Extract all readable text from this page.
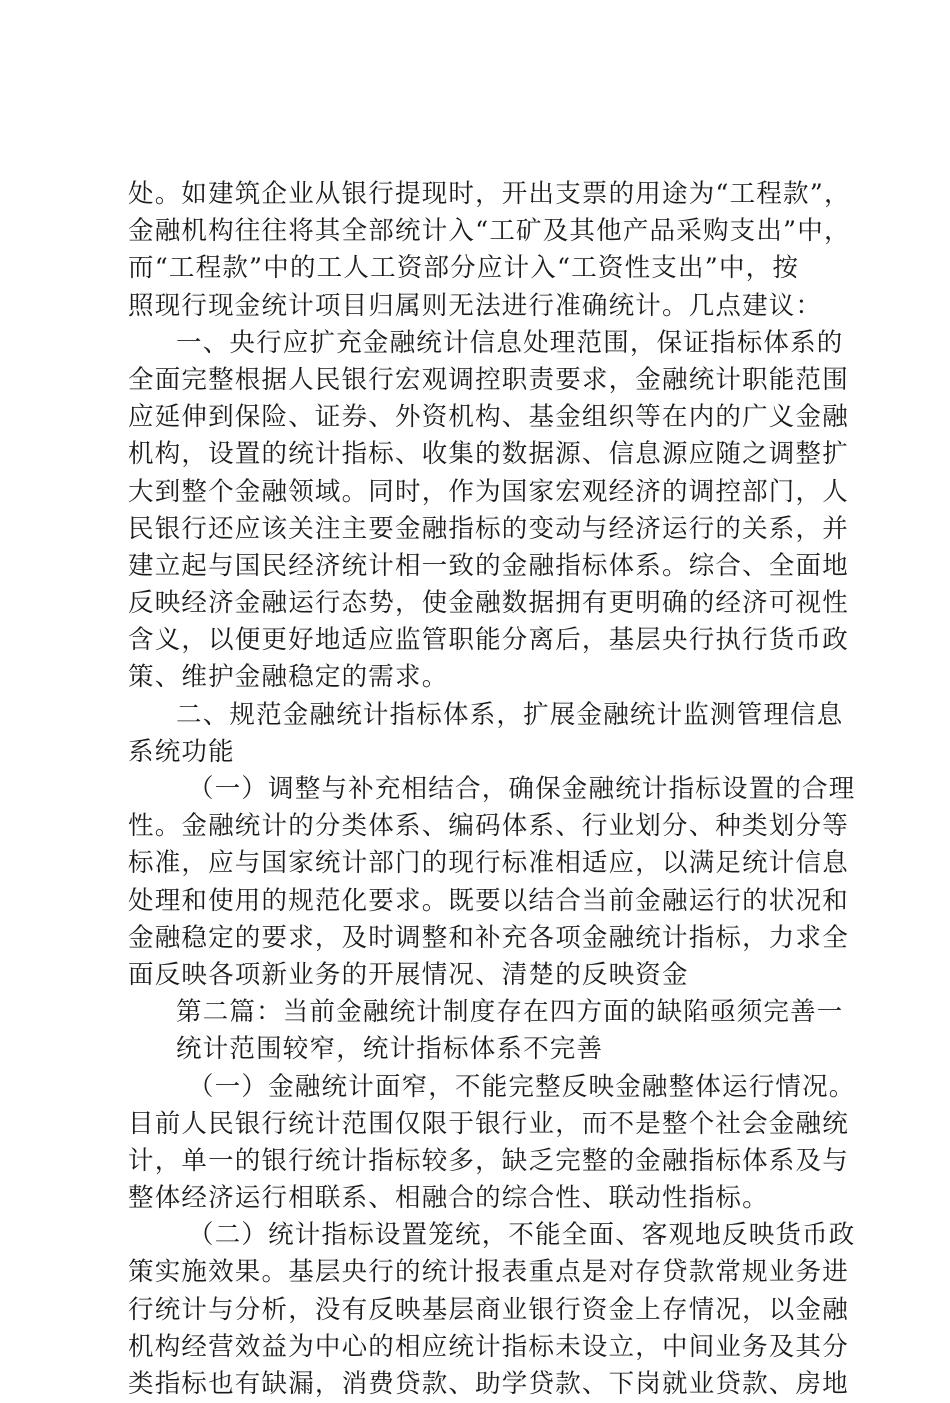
处。如建筑企业从银行提现时，开出支票的用途为“工程款”，
金融机构往往将其全部统计入“工矿及其他产品采购支出”中，
而“工程款”中的工人工资部分应计入“工资性支出”中，按
照现行现金统计项目归属则无法进行准确统计。几点建议：
一、央行应扩充金融统计信息处理范围，保证指标体系的
全面完整根据人民银行宏观调控职责要求，金融统计职能范围
应延伸到保险、证券、外资机构、基金组织等在内的广义金融
机构，设置的统计指标、收集的数据源、信息源应随之调整扩
大到整个金融领域。同时，作为国家宏观经济的调控部门，人
民银行还应该关注主要金融指标的变动与经济运行的关系，并
建立起与国民经济统计相一致的金融指标体系。综合、全面地
反映经济金融运行态势，使金融数据拥有更明确的经济可视性
含义，以便更好地适应监管职能分离后，基层央行执行货币政
策、维护金融稳定的需求。
二、规范金融统计指标体系，扩展金融统计监测管理信息
系统功能
（一）调整与补充相结合，确保金融统计指标设置的合理
性。金融统计的分类体系、编码体系、行业划分、种类划分等
标准，应与国家统计部门的现行标准相适应，以满足统计信息
处理和使用的规范化要求。既要以结合当前金融运行的状况和
金融稳定的要求，及时调整和补充各项金融统计指标，力求全
面反映各项新业务的开展情况、清楚的反映资金
第二篇：当前金融统计制度存在四方面的缺陷亟须完善一
统计范围较窄，统计指标体系不完善
（一）金融统计面窄，不能完整反映金融整体运行情况。
目前人民银行统计范围仅限于银行业，而不是整个社会金融统
计，单一的银行统计指标较多，缺乏完整的金融指标体系及与
整体经济运行相联系、相融合的综合性、联动性指标。
（二）统计指标设置笼统，不能全面、客观地反映货币政
策实施效果。基层央行的统计报表重点是对存贷款常规业务进
行统计与分析，没有反映基层商业银行资金上存情况，以金融
机构经营效益为中心的相应统计指标未设立，中间业务及其分
类指标也有缺漏，消费贷款、助学贷款、下岗就业贷款、房地
